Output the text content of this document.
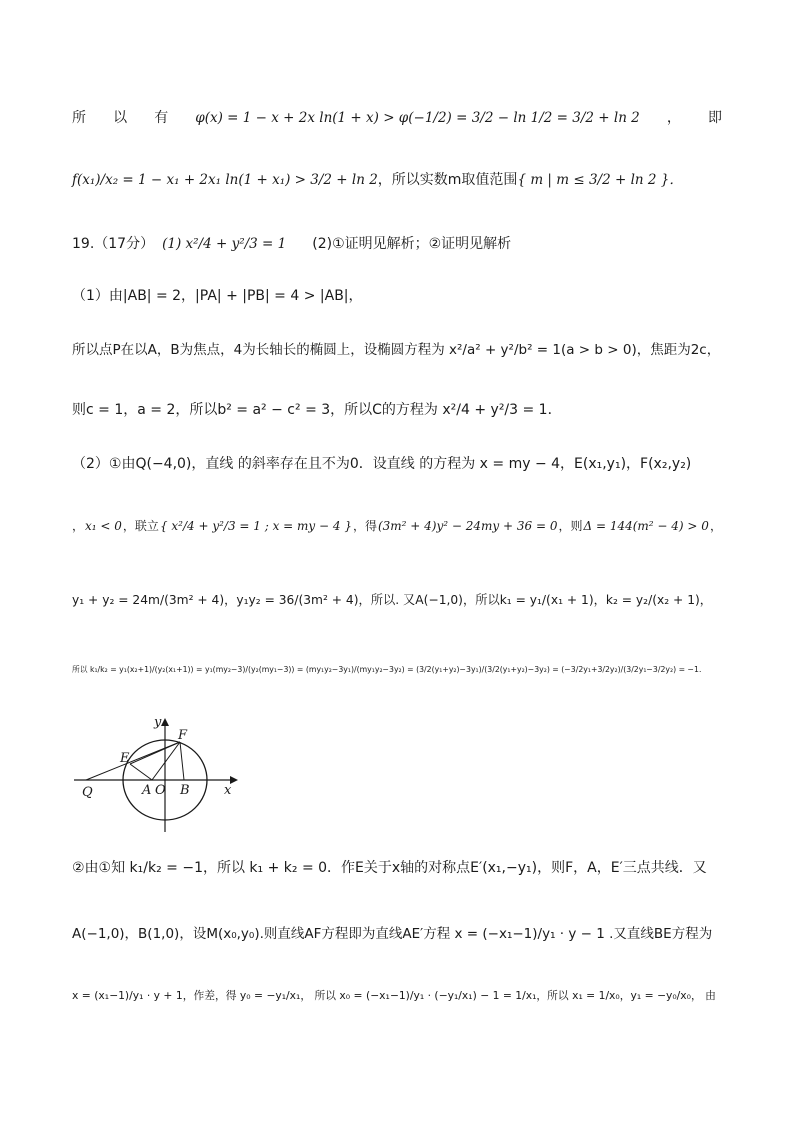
所 以 有 φ(x) = 1 − x + 2x ln(1 + x) > φ(−1/2) = 3/2 − ln 1/2 = 3/2 + ln 2 ， 即
f(x₁)/x₂ = 1 − x₁ + 2x₁ ln(1 + x₁) > 3/2 + ln 2 ，所以实数m取值范围 { m | m ≤ 3/2 + ln 2 }．
19.（17分） (1) x²/4 + y²/3 = 1 (2)①证明见解析；②证明见解析
（1）由|AB| = 2，|PA| + |PB| = 4 > |AB|，
所以点P在以A，B为焦点，4为长轴长的椭圆上，设椭圆方程为 x²/a² + y²/b² = 1(a > b > 0)，焦距为2c，
则c = 1，a = 2，所以b² = a² − c² = 3，所以C的方程为 x²/4 + y²/3 = 1．
（2）①由Q(−4,0)，直线 的斜率存在且不为0．设直线 的方程为 x = my − 4，E(x₁,y₁)，F(x₂,y₂)
， x₁ < 0 ，联立 { x²/4 + y²/3 = 1 ; x = my − 4 } ，得 (3m² + 4)y² − 24my + 36 = 0 ，则 Δ = 144(m² − 4) > 0 ，
y₁ + y₂ = 24m/(3m² + 4)，y₁y₂ = 36/(3m² + 4)，所以. 又A(−1,0)，所以k₁ = y₁/(x₁ + 1)，k₂ = y₂/(x₂ + 1)，
所以 k₁/k₂ = y₁(x₂+1)/(y₂(x₁+1)) = y₁(my₂−3)/(y₂(my₁−3)) = (my₁y₂−3y₁)/(my₁y₂−3y₂) = (3/2(y₁+y₂)−3y₁)/(3/2(y₁+y₂)−3y₂) = (−3/2y₁+3/2y₂)/(3/2y₁−3/2y₂) = −1．
y
F
E
Q	A O B	x
②由①知 k₁/k₂ = −1，所以 k₁ + k₂ = 0．作E关于x轴的对称点E′(x₁,−y₁)，则F，A，E′三点共线．又
A(−1,0)，B(1,0)，设M(x₀,y₀).则直线AF方程即为直线AE′方程 x = (−x₁−1)/y₁ · y − 1 .又直线BE方程为
x = (x₁−1)/y₁ · y + 1，作差，得 y₀ = −y₁/x₁， 所以 x₀ = (−x₁−1)/y₁ · (−y₁/x₁) − 1 = 1/x₁，所以 x₁ = 1/x₀，y₁ = −y₀/x₀， 由
